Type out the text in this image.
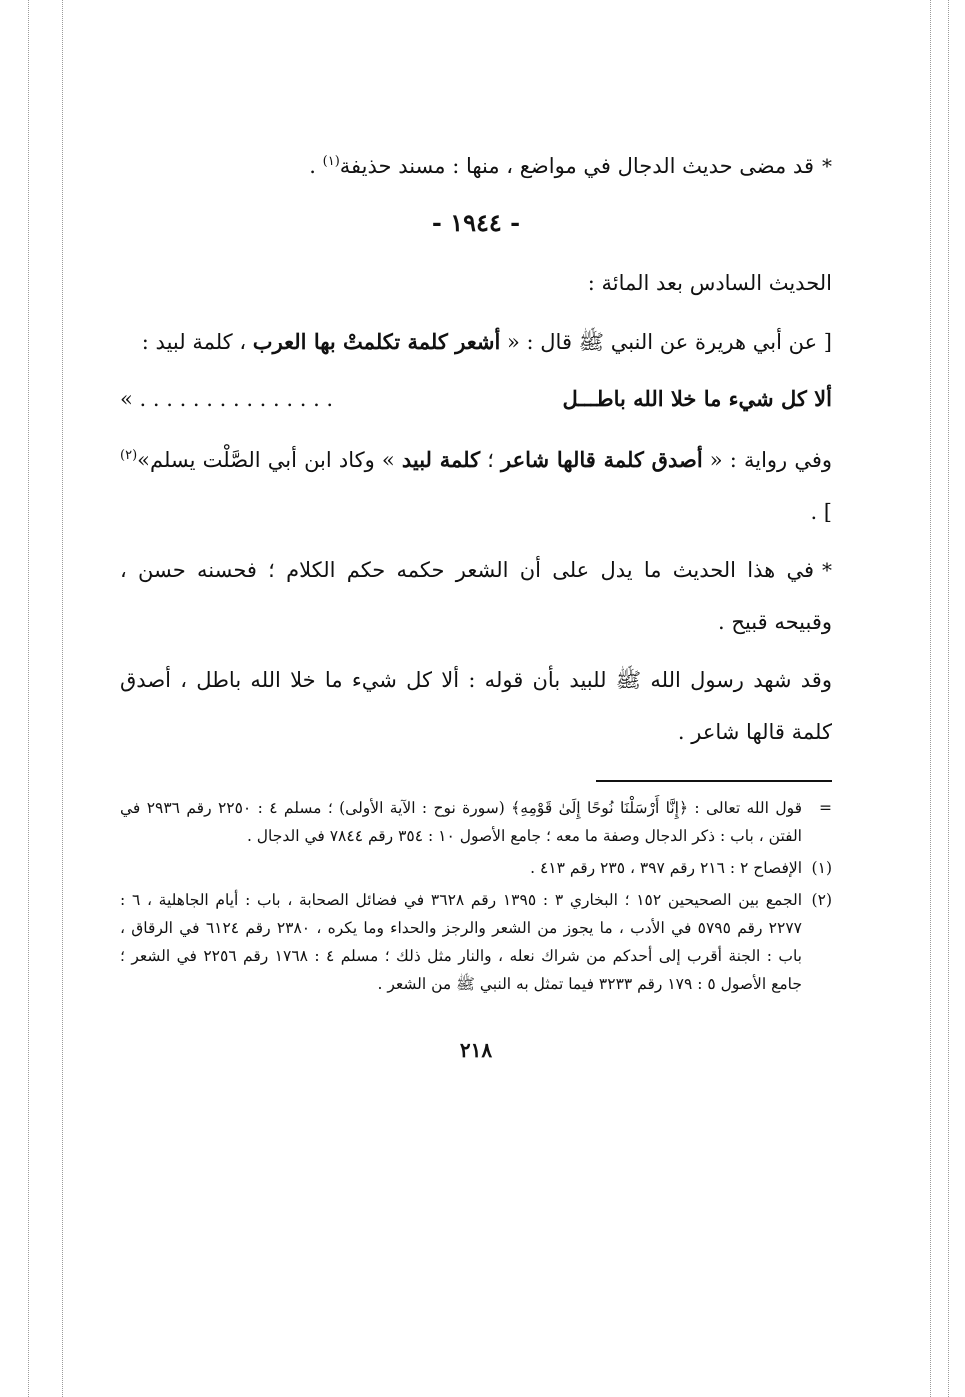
*قد مضى حديث الدجال في مواضع ، منها : مسند حذيفة$^{(١)}$ .

- ١٩٤٤ -
الحديث السادس بعد المائة :

[ عن أبي هريرة عن النبي ﷺ قال : « أشعر كلمة تكلمتْ بها العرب ، كلمة لبيد :

ألا كل شيء ما خلا الله باطـــل
. . . . . . . . . . . . . . . »

وفي رواية : « أصدق كلمة قالها شاعر ؛ كلمة لبيد » وكاد ابن أبي الصَّلْت يسلم»$^{(٢)}$ ] .

*في هذا الحديث ما يدل على أن الشعر حكمه حكم الكلام ؛ فحسنه حسن ، وقبيحه قبيح .

وقد شهد رسول الله ﷺ للبيد بأن قوله : ألا كل شيء ما خلا الله باطل ، أصدق كلمة قالها شاعر .

=
قول الله تعالى : ﴿إِنَّا أَرْسَلْنَا نُوحًا إِلَىٰ قَوْمِهِ﴾ (سورة نوح : الآية الأولى) ؛ مسلم ٤ : ٢٢٥٠ رقم ٢٩٣٦ في الفتن ، باب : ذكر الدجال وصفة ما معه ؛ جامع الأصول ١٠ : ٣٥٤ رقم ٧٨٤٤ في الدجال .
(١)
الإفصاح ٢ : ٢١٦ رقم ٣٩٧ ، ٢٣٥ رقم ٤١٣ .
(٢)
الجمع بين الصحيحين ١٥٢ ؛ البخاري ٣ : ١٣٩٥ رقم ٣٦٢٨ في فضائل الصحابة ، باب : أيام الجاهلية ، ٦ : ٢٢٧٧ رقم ٥٧٩٥ في الأدب ، ما يجوز من الشعر والرجز والحداء وما يكره ، ٢٣٨٠ رقم ٦١٢٤ في الرقاق ، باب : الجنة أقرب إلى أحدكم من شراك نعله ، والنار مثل ذلك ؛ مسلم ٤ : ١٧٦٨ رقم ٢٢٥٦ في الشعر ؛ جامع الأصول ٥ : ١٧٩ رقم ٣٢٣٣ فيما تمثل به النبي ﷺ من الشعر .
٢١٨
